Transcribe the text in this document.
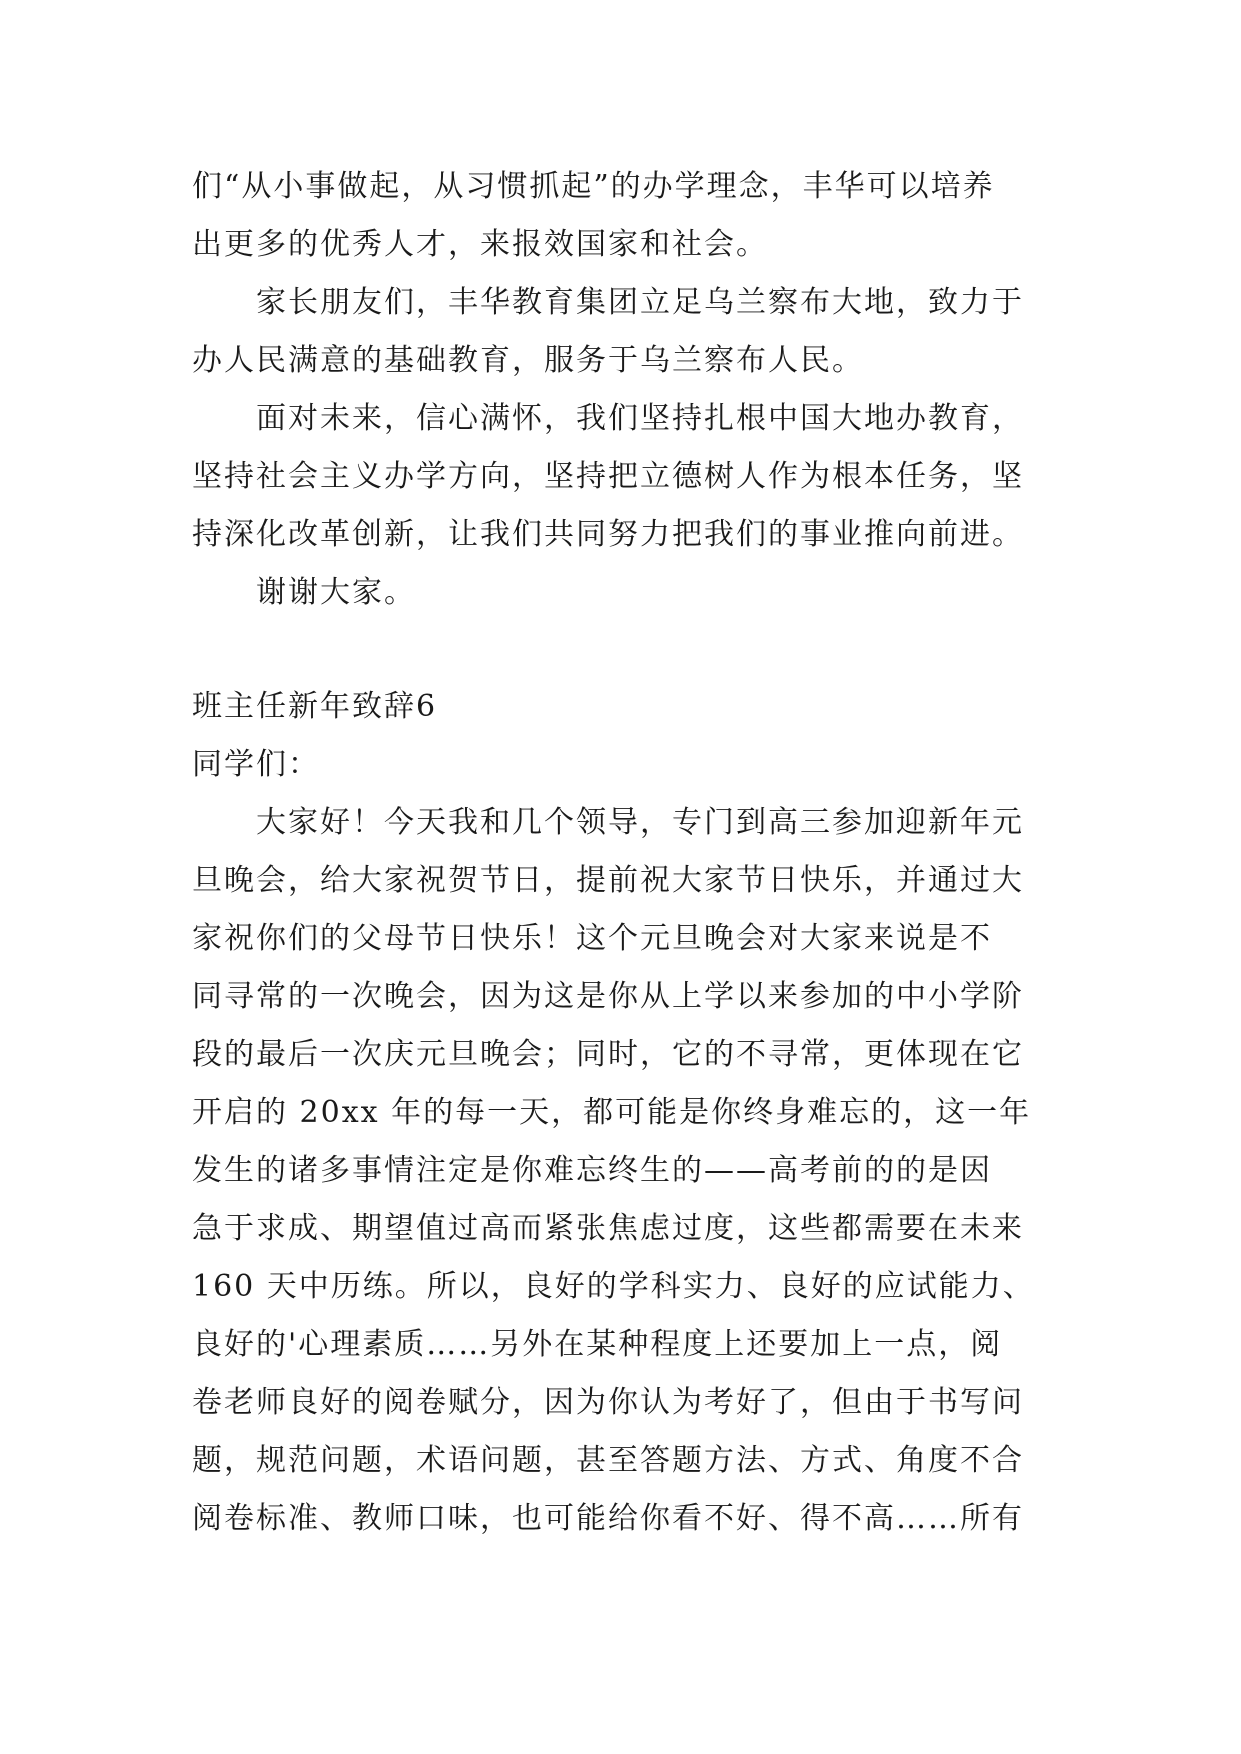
们“从小事做起，从习惯抓起”的办学理念，丰华可以培养
出更多的优秀人才，来报效国家和社会。
家长朋友们，丰华教育集团立足乌兰察布大地，致力于
办人民满意的基础教育，服务于乌兰察布人民。
面对未来，信心满怀，我们坚持扎根中国大地办教育，
坚持社会主义办学方向，坚持把立德树人作为根本任务，坚
持深化改革创新，让我们共同努力把我们的事业推向前进。
谢谢大家。
班主任新年致辞6
同学们：
大家好！今天我和几个领导，专门到高三参加迎新年元
旦晚会，给大家祝贺节日，提前祝大家节日快乐，并通过大
家祝你们的父母节日快乐！这个元旦晚会对大家来说是不
同寻常的一次晚会，因为这是你从上学以来参加的中小学阶
段的最后一次庆元旦晚会；同时，它的不寻常，更体现在它
开启的 20xx 年的每一天，都可能是你终身难忘的，这一年
发生的诸多事情注定是你难忘终生的——高考前的的是因
急于求成、期望值过高而紧张焦虑过度，这些都需要在未来
160 天中历练。所以，良好的学科实力、良好的应试能力、
良好的'心理素质……另外在某种程度上还要加上一点，阅
卷老师良好的阅卷赋分，因为你认为考好了，但由于书写问
题，规范问题，术语问题，甚至答题方法、方式、角度不合
阅卷标准、教师口味，也可能给你看不好、得不高……所有
